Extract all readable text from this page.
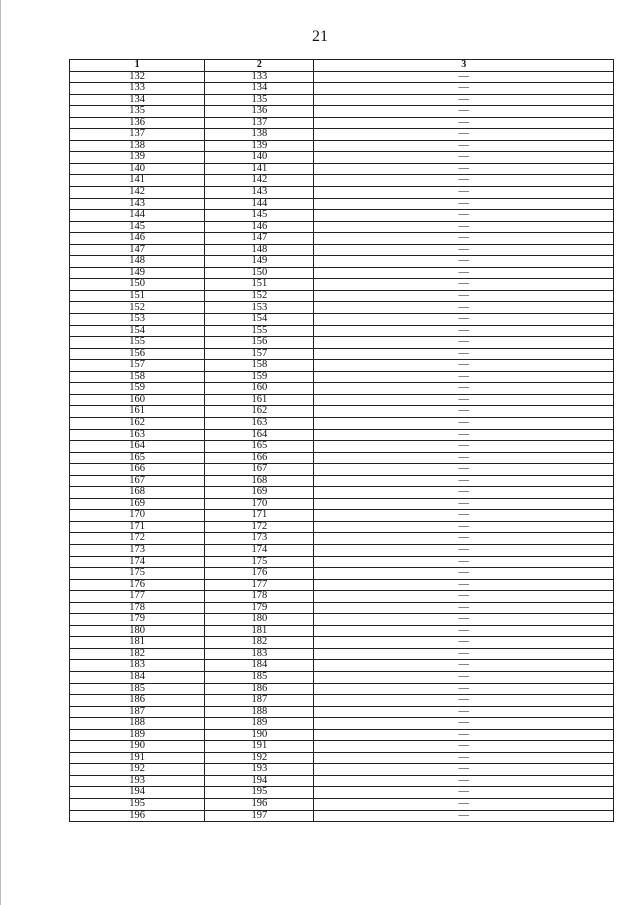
21
1	2	3
132	133	—
133	134	—
134	135	—
135	136	—
136	137	—
137	138	—
138	139	—
139	140	—
140	141	—
141	142	—
142	143	—
143	144	—
144	145	—
145	146	—
146	147	—
147	148	—
148	149	—
149	150	—
150	151	—
151	152	—
152	153	—
153	154	—
154	155	—
155	156	—
156	157	—
157	158	—
158	159	—
159	160	—
160	161	—
161	162	—
162	163	—
163	164	—
164	165	—
165	166	—
166	167	—
167	168	—
168	169	—
169	170	—
170	171	—
171	172	—
172	173	—
173	174	—
174	175	—
175	176	—
176	177	—
177	178	—
178	179	—
179	180	—
180	181	—
181	182	—
182	183	—
183	184	—
184	185	—
185	186	—
186	187	—
187	188	—
188	189	—
189	190	—
190	191	—
191	192	—
192	193	—
193	194	—
194	195	—
195	196	—
196	197	—
